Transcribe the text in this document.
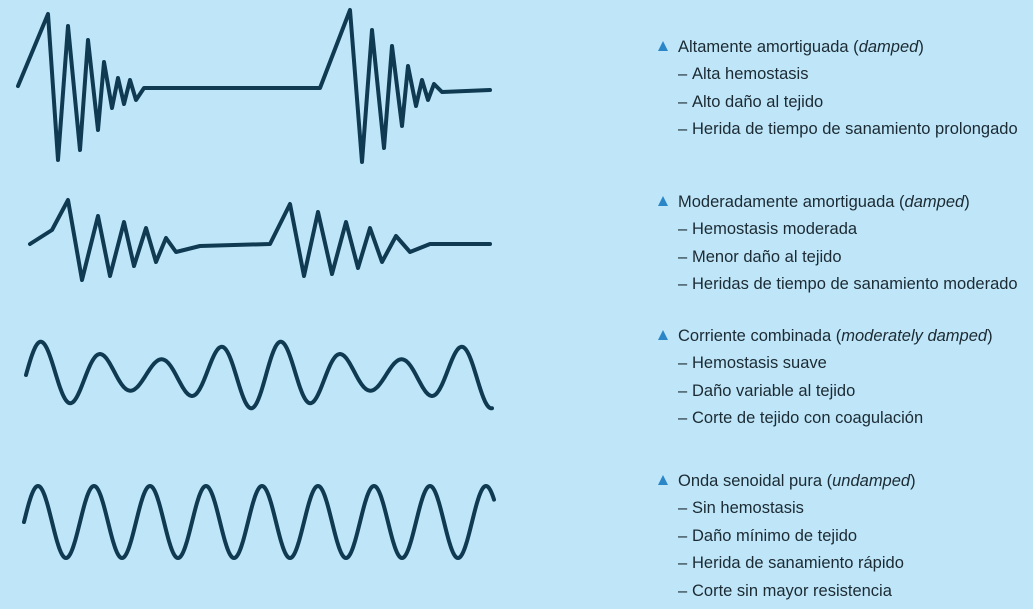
Altamente amortiguada (damped)
– Alta hemostasis
– Alto daño al tejido
– Herida de tiempo de sanamiento prolongado
Moderadamente amortiguada (damped)
– Hemostasis moderada
– Menor daño al tejido
– Heridas de tiempo de sanamiento moderado
Corriente combinada (moderately damped)
– Hemostasis suave
– Daño variable al tejido
– Corte de tejido con coagulación
Onda senoidal pura (undamped)
– Sin hemostasis
– Daño mínimo de tejido
– Herida de sanamiento rápido
– Corte sin mayor resistencia
